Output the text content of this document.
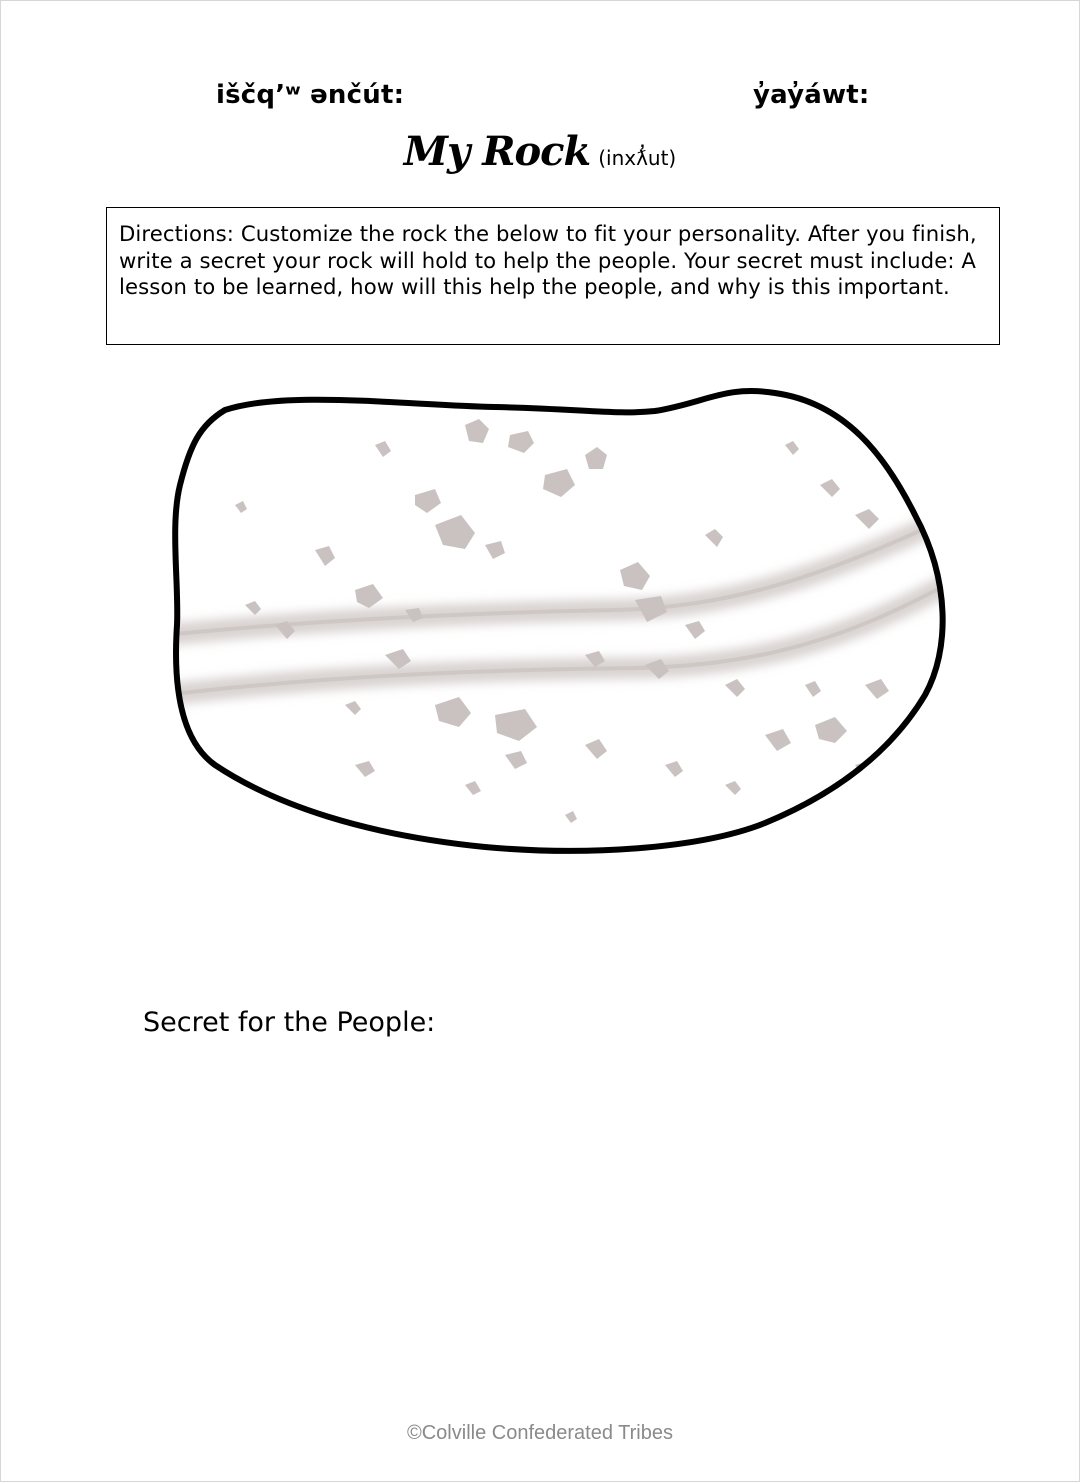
iščq’ʷ ənčút:	y̓ay̓áwt:
My Rock (inxƛ̓ut)
Directions: Customize the rock the below to fit your personality. After you finish, write a secret your rock will hold to help the people. Your secret must include: A lesson to be learned, how will this help the people, and why is this important.
Secret for the People:
©Colville Confederated Tribes
